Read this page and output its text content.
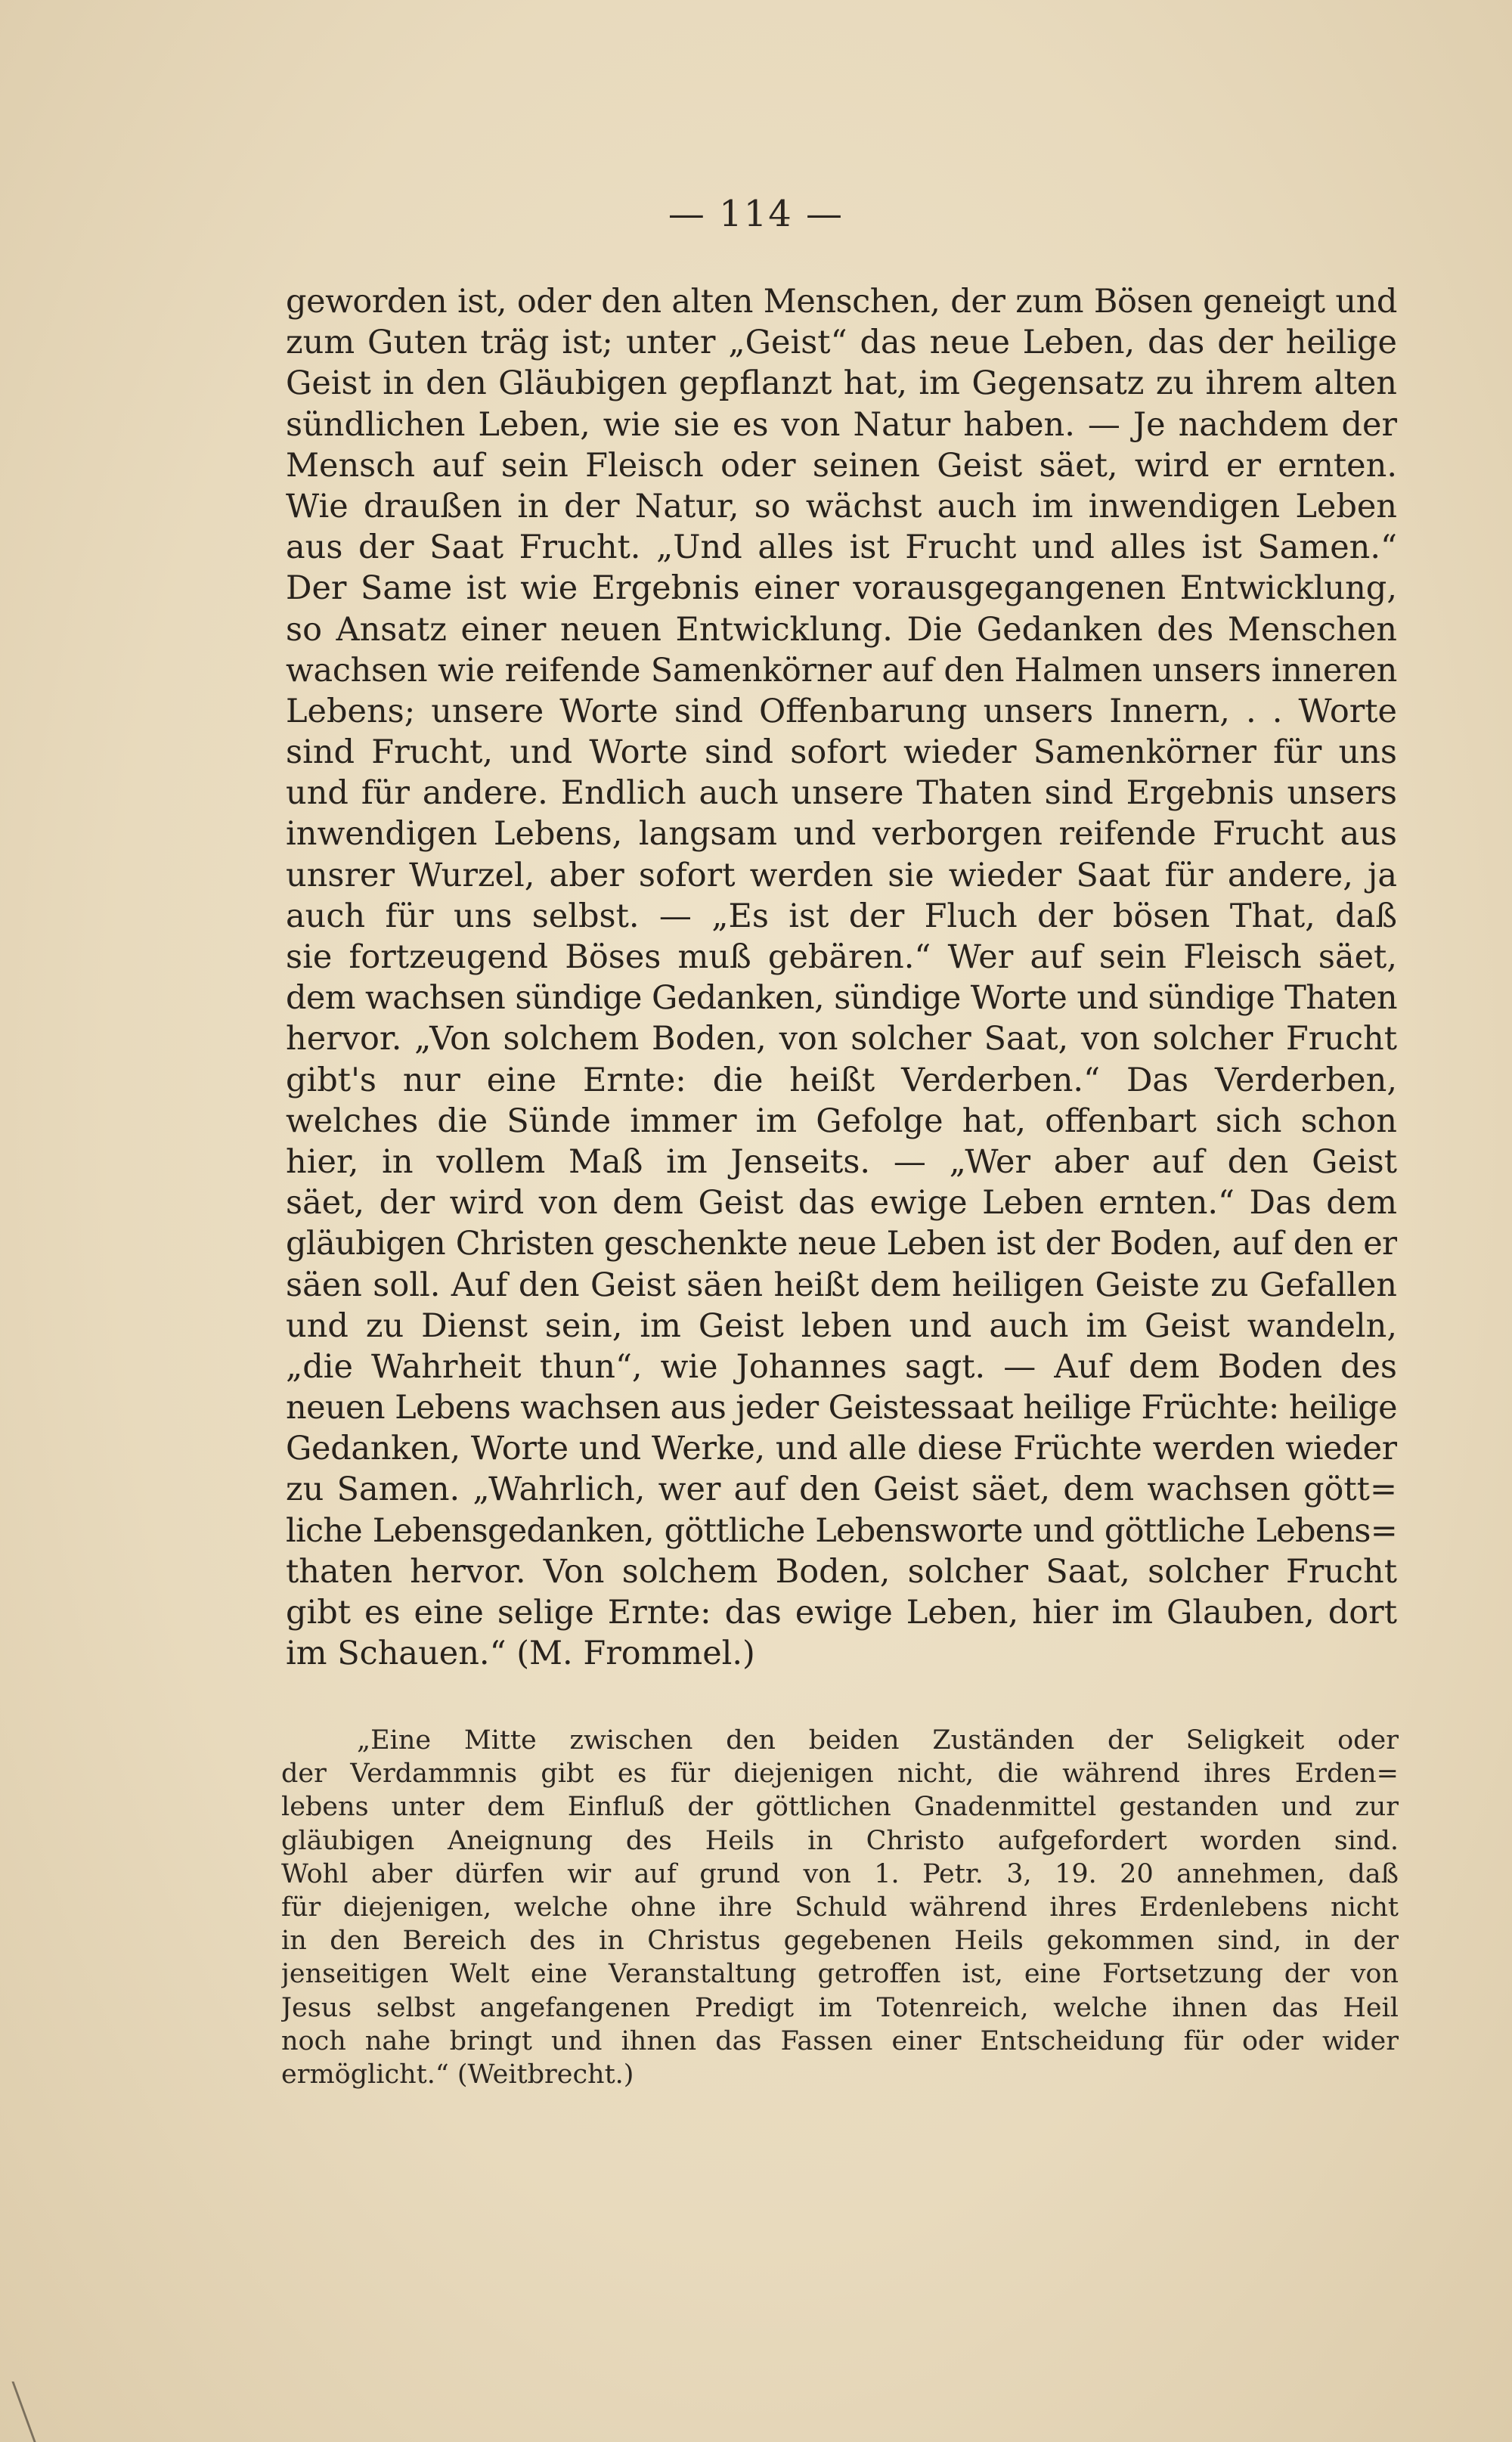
— 114 —
geworden ist, oder den alten Menschen, der zum Bösen geneigt und
zum Guten träg ist; unter „Geist“ das neue Leben, das der heilige
Geist in den Gläubigen gepflanzt hat, im Gegensatz zu ihrem alten
sündlichen Leben, wie sie es von Natur haben. — Je nachdem der
Mensch auf sein Fleisch oder seinen Geist säet, wird er ernten.
Wie draußen in der Natur, so wächst auch im inwendigen Leben
aus der Saat Frucht. „Und alles ist Frucht und alles ist Samen.“
Der Same ist wie Ergebnis einer vorausgegangenen Entwicklung,
so Ansatz einer neuen Entwicklung. Die Gedanken des Menschen
wachsen wie reifende Samenkörner auf den Halmen unsers inneren
Lebens; unsere Worte sind Offenbarung unsers Innern, . . Worte
sind Frucht, und Worte sind sofort wieder Samenkörner für uns
und für andere. Endlich auch unsere Thaten sind Ergebnis unsers
inwendigen Lebens, langsam und verborgen reifende Frucht aus
unsrer Wurzel, aber sofort werden sie wieder Saat für andere, ja
auch für uns selbst. — „Es ist der Fluch der bösen That, daß
sie fortzeugend Böses muß gebären.“ Wer auf sein Fleisch säet,
dem wachsen sündige Gedanken, sündige Worte und sündige Thaten
hervor. „Von solchem Boden, von solcher Saat, von solcher Frucht
gibt's nur eine Ernte: die heißt Verderben.“ Das Verderben,
welches die Sünde immer im Gefolge hat, offenbart sich schon
hier, in vollem Maß im Jenseits. — „Wer aber auf den Geist
säet, der wird von dem Geist das ewige Leben ernten.“ Das dem
gläubigen Christen geschenkte neue Leben ist der Boden, auf den er
säen soll. Auf den Geist säen heißt dem heiligen Geiste zu Gefallen
und zu Dienst sein, im Geist leben und auch im Geist wandeln,
„die Wahrheit thun“, wie Johannes sagt. — Auf dem Boden des
neuen Lebens wachsen aus jeder Geistessaat heilige Früchte: heilige
Gedanken, Worte und Werke, und alle diese Früchte werden wieder
zu Samen. „Wahrlich, wer auf den Geist säet, dem wachsen gött=
liche Lebensgedanken, göttliche Lebensworte und göttliche Lebens=
thaten hervor. Von solchem Boden, solcher Saat, solcher Frucht
gibt es eine selige Ernte: das ewige Leben, hier im Glauben, dort
im Schauen.“ (M. Frommel.)
„Eine Mitte zwischen den beiden Zuständen der Seligkeit oder
der Verdammnis gibt es für diejenigen nicht, die während ihres Erden=
lebens unter dem Einfluß der göttlichen Gnadenmittel gestanden und zur
gläubigen Aneignung des Heils in Christo aufgefordert worden sind.
Wohl aber dürfen wir auf grund von 1. Petr. 3, 19. 20 annehmen, daß
für diejenigen, welche ohne ihre Schuld während ihres Erdenlebens nicht
in den Bereich des in Christus gegebenen Heils gekommen sind, in der
jenseitigen Welt eine Veranstaltung getroffen ist, eine Fortsetzung der von
Jesus selbst angefangenen Predigt im Totenreich, welche ihnen das Heil
noch nahe bringt und ihnen das Fassen einer Entscheidung für oder wider
ermöglicht.“ (Weitbrecht.)
